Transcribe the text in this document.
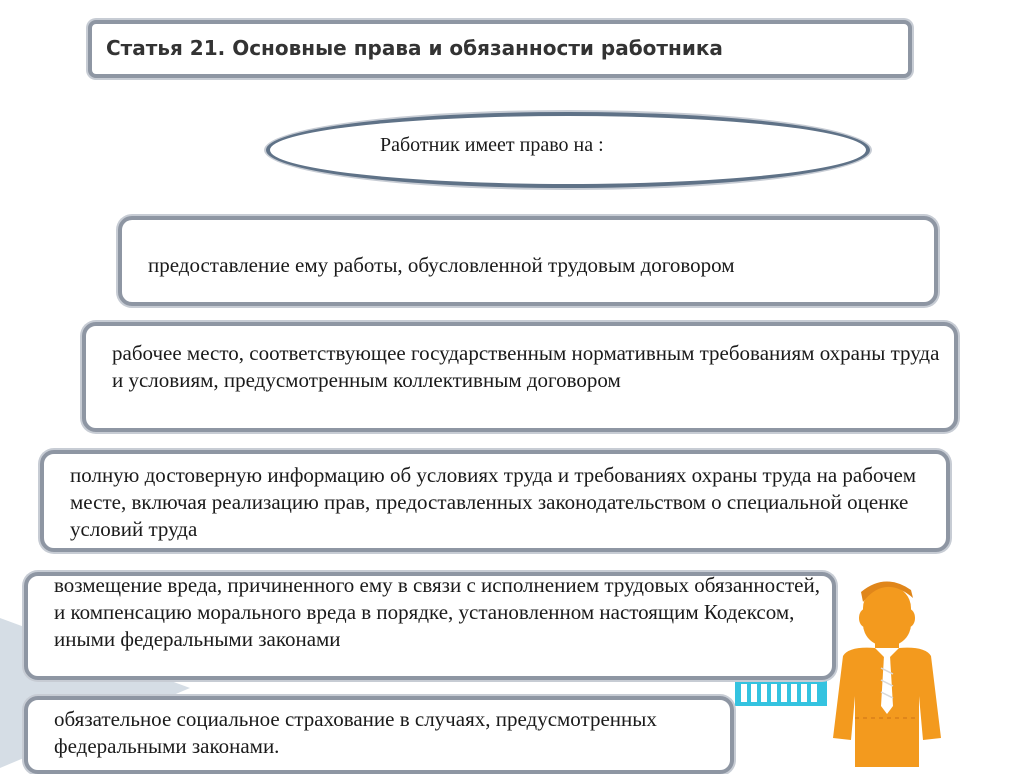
Статья 21. Основные права и обязанности работника
Работник имеет право на :
предоставление ему работы, обусловленной трудовым договором
рабочее место, соответствующее государственным нормативным требованиям охраны труда и условиям, предусмотренным коллективным договором
полную достоверную информацию об условиях труда и требованиях охраны труда на рабочем месте, включая реализацию прав, предоставленных законодательством о специальной оценке условий труда
возмещение вреда, причиненного ему в связи с исполнением трудовых обязанностей, и компенсацию морального вреда в порядке, установленном настоящим Кодексом, иными федеральными законами
обязательное социальное страхование в случаях, предусмотренных федеральными законами.
